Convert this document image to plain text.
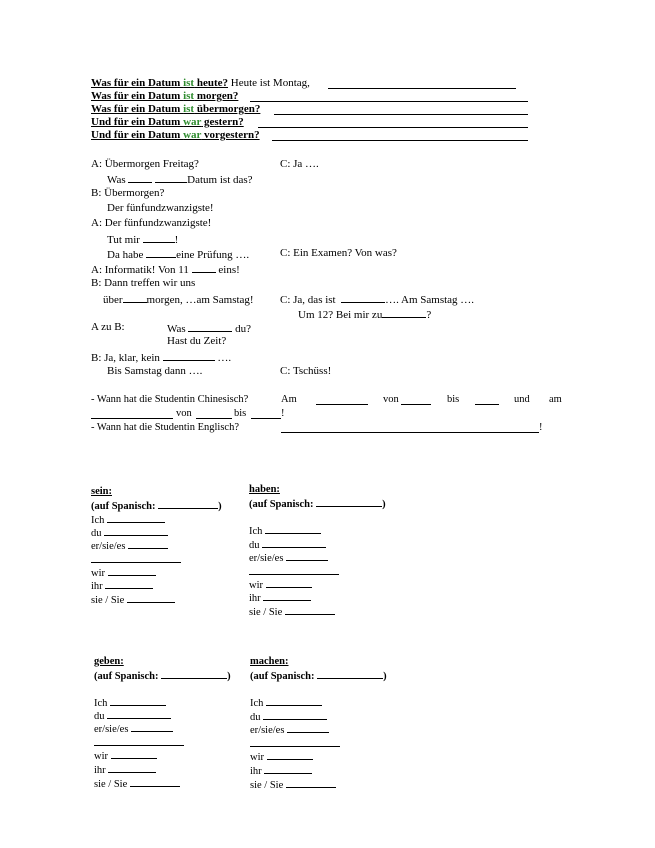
Was für ein Datum ist heute? Heute ist Montag,
Was für ein Datum ist morgen?
Was für ein Datum ist übermorgen?
Und für ein Datum war gestern?
Und für ein Datum war vorgestern?
A: Übermorgen Freitag?	C: Ja ….
Was	Datum ist das?
B: Übermorgen?
Der fünfundzwanzigste!
A: Der fünfundzwanzigste!
Tut mir	!
Da habe	eine Prüfung ….	C: Ein Examen? Von was?
A: Informatik! Von 11  eins!
B: Dann treffen wir uns
über morgen, …am Samstag! C: Ja, das ist	…. Am Samstag ….
Um 12? Bei mir zu	?
A zu B:	Was	du?
Hast du Zeit?
B: Ja, klar, kein	….
Bis Samstag dann ….	C: Tschüss!
- Wann hat die Studentin Chinesisch?	Am	von	bis	und am
von	bis	!
- Wann hat die Studentin Englisch?	!
sein:
(auf Spanisch:	)
Ich
du
er/sie/es
wir
ihr
sie / Sie
haben:
(auf Spanisch:	)
Ich
du
er/sie/es
wir
ihr
sie / Sie
geben:
(auf Spanisch:	)
Ich
du
er/sie/es
wir
ihr
sie / Sie
machen:
(auf Spanisch:	)
Ich
du
er/sie/es
wir
ihr
sie / Sie
